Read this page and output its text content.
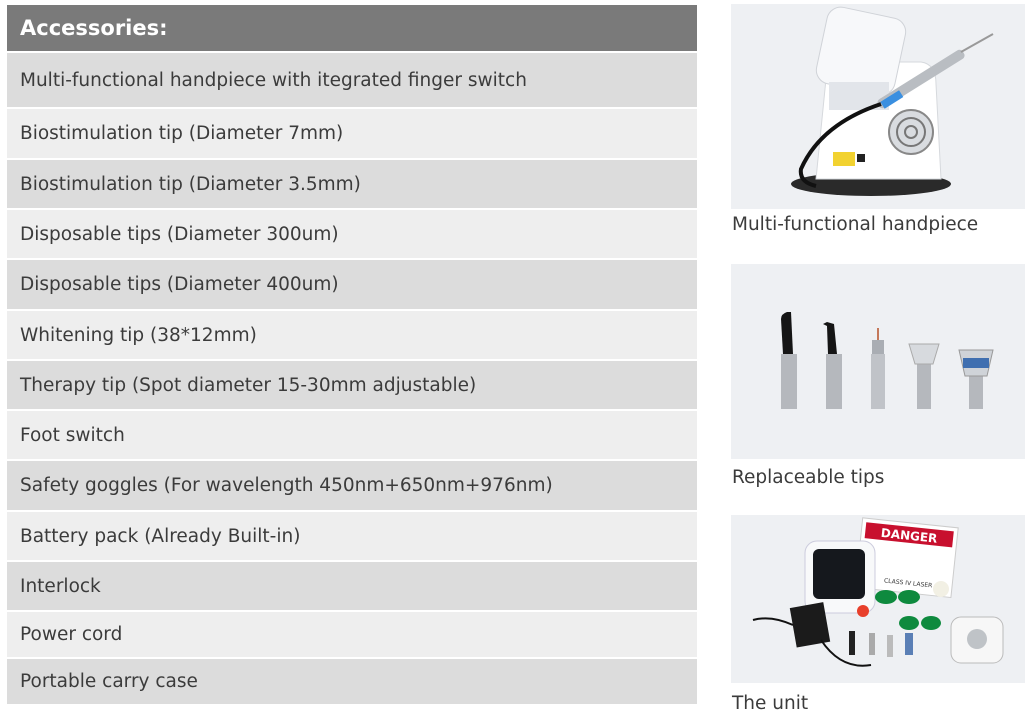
Accessories:
Multi-functional handpiece with itegrated finger switch
Biostimulation tip (Diameter 7mm)
Biostimulation tip (Diameter 3.5mm)
Disposable tips (Diameter 300um)
Disposable tips (Diameter 400um)
Whitening tip (38*12mm)
Therapy tip (Spot diameter 15-30mm adjustable)
Foot switch
Safety goggles (For wavelength 450nm+650nm+976nm)
Battery pack (Already Built-in)
Interlock
Power cord
Portable carry case
Multi-functional handpiece
Replaceable tips
DANGER
CLASS IV LASER
The unit
